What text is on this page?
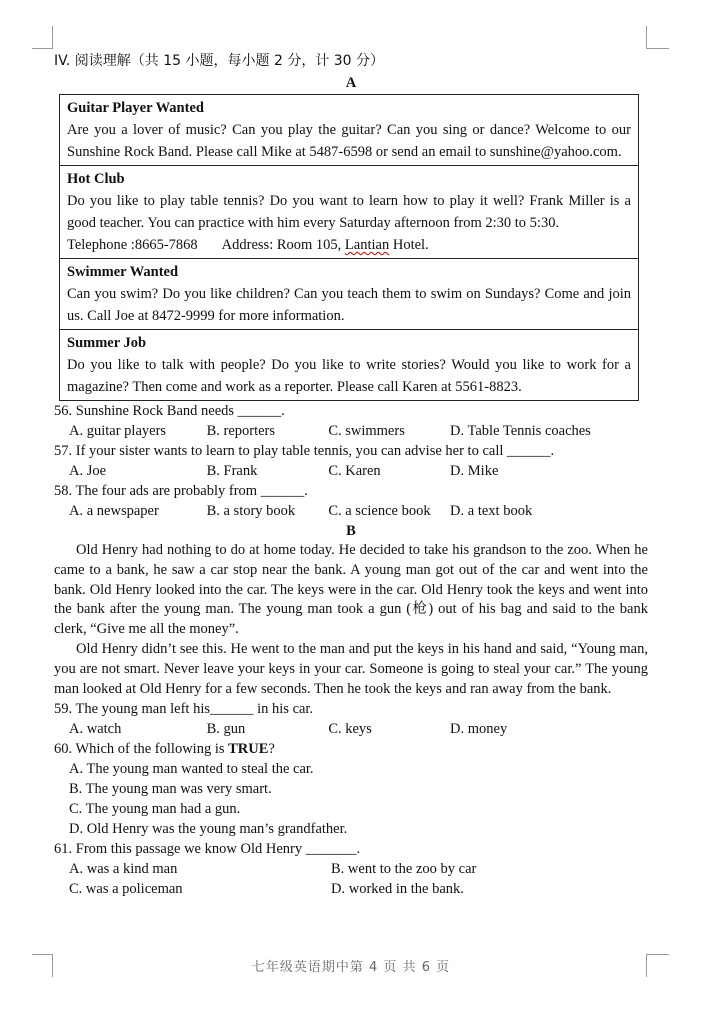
IV. 阅读理解（共 15 小题，每小题 2 分，计 30 分）
A
Guitar Player Wanted
Are you a lover of music? Can you play the guitar? Can you sing or dance? Welcome to our Sunshine Rock Band. Please call Mike at 5487-6598 or send an email to sunshine@yahoo.com.
Hot Club
Do you like to play table tennis? Do you want to learn how to play it well? Frank Miller is a good teacher. You can practice with him every Saturday afternoon from 2:30 to 5:30.
Telephone :8665-7868 Address: Room 105, Lantian Hotel.
Swimmer Wanted
Can you swim? Do you like children? Can you teach them to swim on Sundays? Come and join us. Call Joe at 8472-9999 for more information.
Summer Job
Do you like to talk with people? Do you like to write stories? Would you like to work for a magazine? Then come and work as a reporter. Please call Karen at 5561-8823.
56. Sunshine Rock Band needs ______.
A. guitar players	B. reporters	C. swimmers	D. Table Tennis coaches
57. If your sister wants to learn to play table tennis, you can advise her to call ______.
A. Joe	B. Frank	C. Karen	D. Mike
58. The four ads are probably from ______.
A. a newspaper	B. a story book	C. a science book	D. a text book
B

Old Henry had nothing to do at home today. He decided to take his grandson to the zoo. When he came to a bank, he saw a car stop near the bank. A young man got out of the car and went into the bank. Old Henry looked into the car. The keys were in the car. Old Henry took the keys and went into the bank after the young man. The young man took a gun (枪) out of his bag and said to the bank clerk, “Give me all the money”.

Old Henry didn’t see this. He went to the man and put the keys in his hand and said, “Young man, you are not smart. Never leave your keys in your car. Someone is going to steal your car.” The young man looked at Old Henry for a few seconds. Then he took the keys and ran away from the bank.

59. The young man left his______ in his car.
A. watch	B. gun	C. keys	D. money
60. Which of the following is TRUE?
A. The young man wanted to steal the car.
B. The young man was very smart.
C. The young man had a gun.
D. Old Henry was the young man’s grandfather.
61. From this passage we know Old Henry _______.
A. was a kind man	B. went to the zoo by car
C. was a policeman	D. worked in the bank.
七年级英语期中第 4 页 共 6 页
